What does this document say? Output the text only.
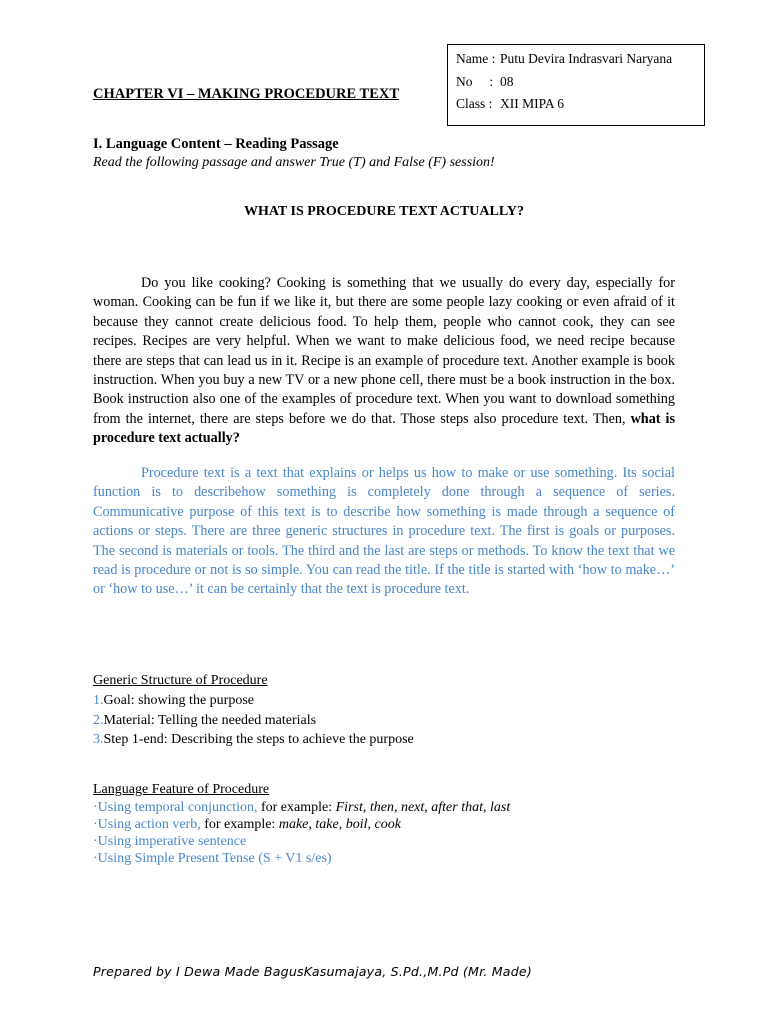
Name : Putu Devira Indrasvari Naryana
No     : 08
Class : XII MIPA 6
CHAPTER VI – MAKING PROCEDURE TEXT
I. Language Content – Reading Passage
Read the following passage and answer True (T) and False (F) session!
WHAT IS PROCEDURE TEXT ACTUALLY?

Do you like cooking? Cooking is something that we usually do every day, especially for woman. Cooking can be fun if we like it, but there are some people lazy cooking or even afraid of it because they cannot create delicious food. To help them, people who cannot cook, they can see recipes. Recipes are very helpful. When we want to make delicious food, we need recipe because there are steps that can lead us in it. Recipe is an example of procedure text. Another example is book instruction. When you buy a new TV or a new phone cell, there must be a book instruction in the box. Book instruction also one of the examples of procedure text. When you want to download something from the internet, there are steps before we do that. Those steps also procedure text. Then, what is procedure text actually?

Procedure text is a text that explains or helps us how to make or use something. Its social function is to describehow something is completely done through a sequence of series. Communicative purpose of this text is to describe how something is made through a sequence of actions or steps. There are three generic structures in procedure text. The first is goals or purposes. The second is materials or tools. The third and the last are steps or methods. To know the text that we read is procedure or not is so simple. You can read the title. If the title is started with ‘how to make…’ or ‘how to use…’ it can be certainly that the text is procedure text.

Generic Structure of Procedure
1.Goal: showing the purpose
2.Material: Telling the needed materials
3.Step 1-end: Describing the steps to achieve the purpose
Language Feature of Procedure
·Using temporal conjunction, for example: First, then, next, after that, last
·Using action verb, for example: make, take, boil, cook
·Using imperative sentence
·Using Simple Present Tense (S + V1 s/es)
Prepared by I Dewa Made BagusKasumajaya, S.Pd.,M.Pd (Mr. Made)
